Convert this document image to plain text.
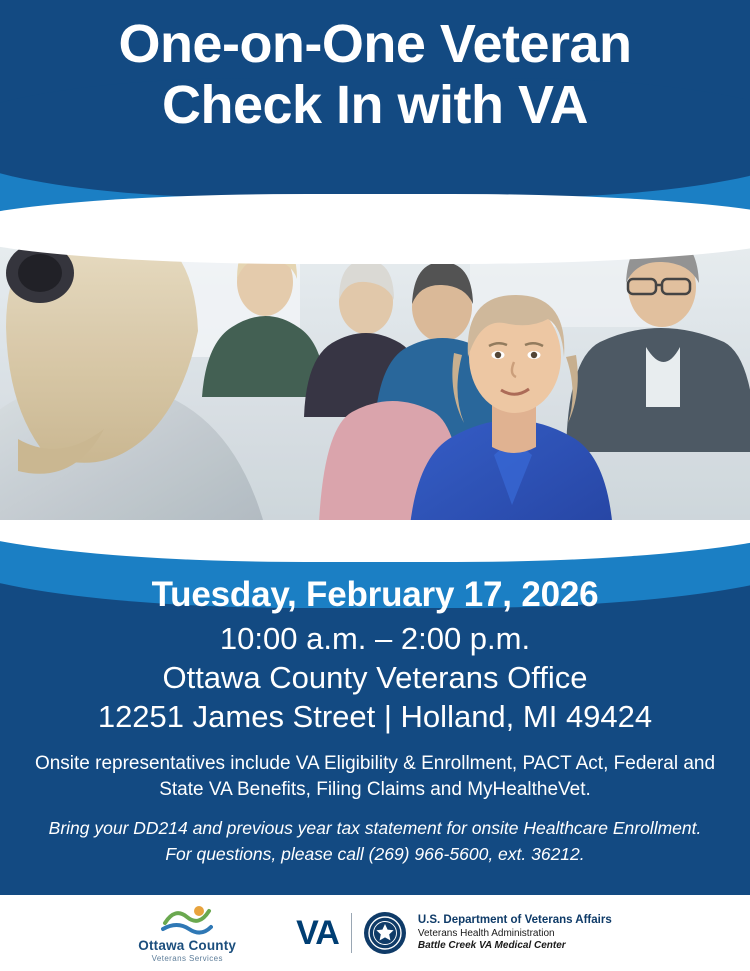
One-on-One Veteran
Check In with VA
Tuesday, February 17, 2026
10:00 a.m. – 2:00 p.m.
Ottawa County Veterans Office
12251 James Street | Holland, MI 49424
Onsite representatives include VA Eligibility & Enrollment, PACT Act, Federal and State VA Benefits, Filing Claims and MyHealtheVet.
Bring your DD214 and previous year tax statement for onsite Healthcare Enrollment.
For questions, please call (269) 966-5600, ext. 36212.
Ottawa County
Veterans Services
VA	U.S. Department of Veterans Affairs
Veterans Health Administration
Battle Creek VA Medical Center
